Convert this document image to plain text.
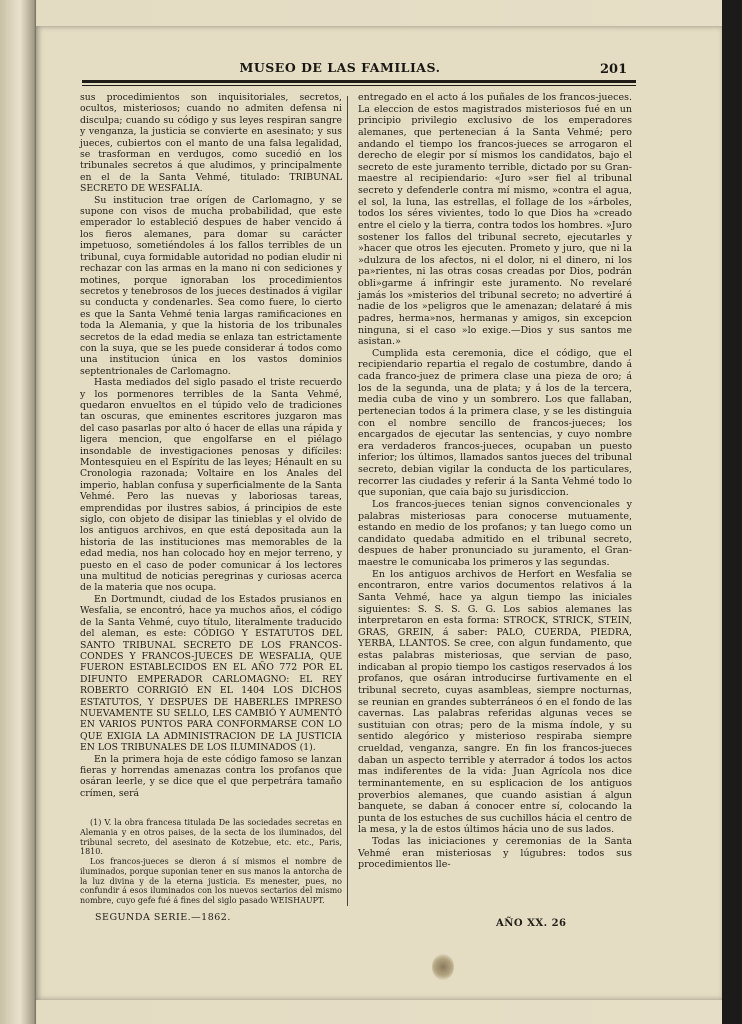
MUSEO DE LAS FAMILIAS.	201

sus procedimientos son inquisitoriales, secretos, ocultos, misteriosos; cuando no admiten defensa ni disculpa; cuando su código y sus leyes respiran sangre y venganza, la justicia se convierte en asesinato; y sus jueces, cubiertos con el manto de una falsa legalidad, se trasforman en verdugos, como sucedió en los tribunales secretos á que aludimos, y principalmente en el de la Santa Vehmé, titulado: TRIBUNAL SECRETO DE WESFALIA.

Su institucion trae orígen de Carlomagno, y se supone con visos de mucha probabilidad, que este emperador lo estableció despues de haber vencido á los fieros alemanes, para domar su carácter impetuoso, sometiéndoles á los fallos terribles de un tribunal, cuya formidable autoridad no podian eludir ni rechazar con las armas en la mano ni con sediciones y motines, porque ignoraban los procedimientos secretos y tenebrosos de los jueces destinados á vigilar su conducta y condenarles. Sea como fuere, lo cierto es que la Santa Vehmé tenia largas ramificaciones en toda la Alemania, y que la historia de los tribunales secretos de la edad media se enlaza tan estrictamente con la suya, que se les puede considerar á todos como una institucion única en los vastos dominios septentrionales de Carlomagno.

Hasta mediados del siglo pasado el triste recuerdo y los pormenores terribles de la Santa Vehmé, quedaron envueltos en el túpido velo de tradiciones tan oscuras, que eminentes escritores juzgaron mas del caso pasarlas por alto ó hacer de ellas una rápida y ligera mencion, que engolfarse en el piélago insondable de investigaciones penosas y difíciles: Montesquieu en el Espíritu de las leyes; Hénault en su Cronologia razonada; Voltaire en los Anales del imperio, hablan confusa y superficialmente de la Santa Vehmé. Pero las nuevas y laboriosas tareas, emprendidas por ilustres sabios, á principios de este siglo, con objeto de disipar las tinieblas y el olvido de los antiguos archivos, en que está depositada aun la historia de las instituciones mas memorables de la edad media, nos han colocado hoy en mejor terreno, y puesto en el caso de poder comunicar á los lectores una multitud de noticias peregrinas y curiosas acerca de la materia que nos ocupa.

En Dortmundt, ciudad de los Estados prusianos en Wesfalia, se encontró, hace ya muchos años, el código de la Santa Vehmé, cuyo título, literalmente traducido del aleman, es este: CÓDIGO Y ESTATUTOS DEL SANTO TRIBUNAL SECRETO DE LOS FRANCOS-CONDES Y FRANCOS-JUECES DE WESFALIA, QUE FUERON ESTABLECIDOS EN EL AÑO 772 POR EL DIFUNTO EMPERADOR CARLOMAGNO: EL REY ROBERTO CORRIGIÓ EN EL 1404 LOS DICHOS ESTATUTOS, Y DESPUES DE HABERLES IMPRESO NUEVAMENTE SU SELLO, LES CAMBIÓ Y AUMENTÓ EN VARIOS PUNTOS PARA CONFORMARSE CON LO QUE EXIGIA LA ADMINISTRACION DE LA JUSTICIA EN LOS TRIBUNALES DE LOS ILUMINADOS (1).

En la primera hoja de este código famoso se lanzan fieras y horrendas amenazas contra los profanos que osáran leerle, y se dice que el que perpetrára tamaño crímen, será

entregado en el acto á los puñales de los francos-jueces. La eleccion de estos magistrados misteriosos fué en un principio privilegio exclusivo de los emperadores alemanes, que pertenecian á la Santa Vehmé; pero andando el tiempo los francos-jueces se arrogaron el derecho de elegir por sí mismos los candidatos, bajo el secreto de este juramento terrible, dictado por su Gran-maestre al recipiendario: «Juro »ser fiel al tribunal secreto y defenderle contra mí mismo, »contra el agua, el sol, la luna, las estrellas, el follage de los »árboles, todos los séres vivientes, todo lo que Dios ha »creado entre el cielo y la tierra, contra todos los hombres. »Juro sostener los fallos del tribunal secreto, ejecutarles y »hacer que otros les ejecuten. Prometo y juro, que ni la »dulzura de los afectos, ni el dolor, ni el dinero, ni los pa»rientes, ni las otras cosas creadas por Dios, podrán obli»garme á infringir este juramento. No revelaré jamás los »misterios del tribunal secreto; no advertiré á nadie de los »peligros que le amenazan; delataré á mis padres, herma»nos, hermanas y amigos, sin excepcion ninguna, si el caso »lo exige.—Dios y sus santos me asistan.»

Cumplida esta ceremonia, dice el código, que el recipiendario repartia el regalo de costumbre, dando á cada franco-juez de primera clase una pieza de oro; á los de la segunda, una de plata; y á los de la tercera, media cuba de vino y un sombrero. Los que fallaban, pertenecian todos á la primera clase, y se les distinguia con el nombre sencillo de francos-jueces; los encargados de ejecutar las sentencias, y cuyo nombre era verdaderos francos-jueces, ocupaban un puesto inferior; los últimos, llamados santos jueces del tribunal secreto, debian vigilar la conducta de los particulares, recorrer las ciudades y referir á la Santa Vehmé todo lo que suponian, que caia bajo su jurisdiccion.

Los francos-jueces tenian signos convencionales y palabras misteriosas para conocerse mutuamente, estando en medio de los profanos; y tan luego como un candidato quedaba admitido en el tribunal secreto, despues de haber pronunciado su juramento, el Gran-maestre le comunicaba los primeros y las segundas.

En los antiguos archivos de Herfort en Wesfalia se encontraron, entre varios documentos relativos á la Santa Vehmé, hace ya algun tiempo las iniciales siguientes: S. S. S. G. G. Los sabios alemanes las interpretaron en esta forma: STROCK, STRICK, STEIN, GRAS, GREIN, á saber: PALO, CUERDA, PIEDRA, YERBA, LLANTOS. Se cree, con algun fundamento, que estas palabras misteriosas, que servian de paso, indicaban al propio tiempo los castigos reservados á los profanos, que osáran introducirse furtivamente en el tribunal secreto, cuyas asambleas, siempre nocturnas, se reunian en grandes subterráneos ó en el fondo de las cavernas. Las palabras referidas algunas veces se sustituian con otras; pero de la misma índole, y su sentido alegórico y misterioso respiraba siempre crueldad, venganza, sangre. En fin los francos-jueces daban un aspecto terrible y aterrador á todos los actos mas indiferentes de la vida: Juan Agrícola nos dice terminantemente, en su esplicacion de los antiguos proverbios alemanes, que cuando asistian á algun banquete, se daban á conocer entre sí, colocando la punta de los estuches de sus cuchillos hácia el centro de la mesa, y la de estos últimos hácia uno de sus lados.

Todas las iniciaciones y ceremonias de la Santa Vehmé eran misteriosas y lúgubres: todos sus procedimientos lle-

(1) V. la obra francesa titulada De las sociedades secretas en Alemania y en otros paises, de la secta de los iluminados, del tribunal secreto, del asesinato de Kotzebue, etc. etc., Paris, 1810.

Los francos-jueces se dieron á sí mismos el nombre de iluminados, porque suponian tener en sus manos la antorcha de la luz divina y de la eterna justicia. Es menester, pues, no confundir á esos iluminados con los nuevos sectarios del mismo nombre, cuyo gefe fué á fines del siglo pasado WEISHAUPT.

SEGUNDA SERIE.—1862.
AÑO XX. 26
